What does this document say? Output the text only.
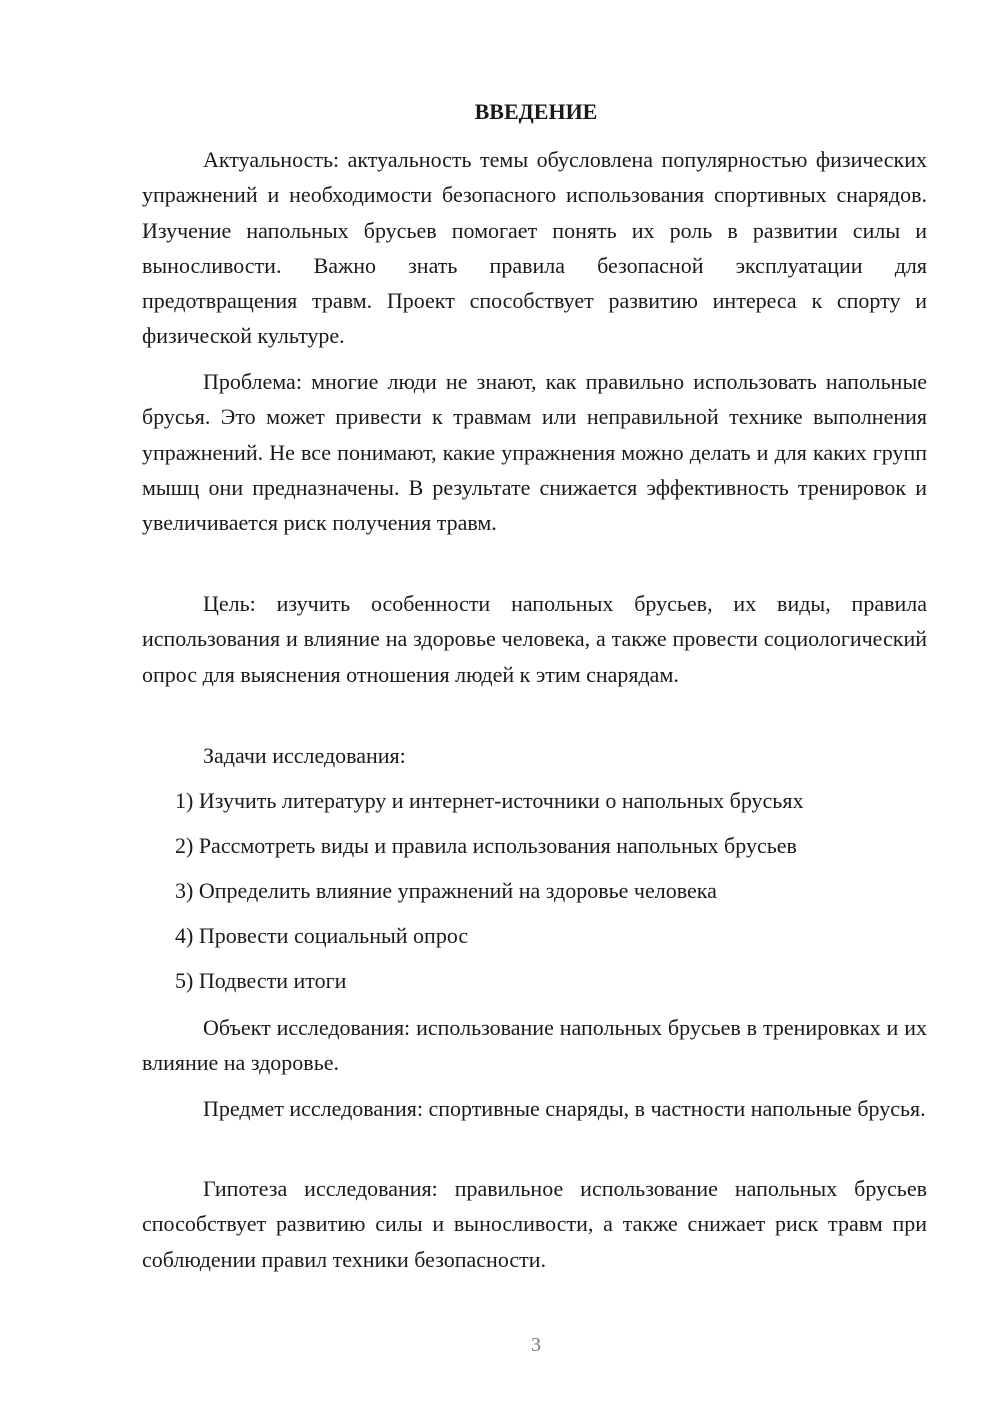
ВВЕДЕНИЕ

Актуальность: актуальность темы обусловлена популярностью физических упражнений и необходимости безопасного использования спортивных снарядов. Изучение напольных брусьев помогает понять их роль в развитии силы и выносливости. Важно знать правила безопасной эксплуатации для предотвращения травм. Проект способствует развитию интереса к спорту и физической культуре.

Проблема: многие люди не знают, как правильно использовать напольные брусья. Это может привести к травмам или неправильной технике выполнения упражнений. Не все понимают, какие упражнения можно делать и для каких групп мышц они предназначены. В результате снижается эффективность тренировок и увеличивается риск получения травм.

Цель: изучить особенности напольных брусьев, их виды, правила использования и влияние на здоровье человека, а также провести социологический опрос для выяснения отношения людей к этим снарядам.

Задачи исследования:

1) Изучить литературу и интернет-источники о напольных брусьях

2) Рассмотреть виды и правила использования напольных брусьев

3) Определить влияние упражнений на здоровье человека

4) Провести социальный опрос

5) Подвести итоги

Объект исследования: использование напольных брусьев в тренировках и их влияние на здоровье.

Предмет исследования: спортивные снаряды, в частности напольные брусья.

Гипотеза исследования: правильное использование напольных брусьев способствует развитию силы и выносливости, а также снижает риск травм при соблюдении правил техники безопасности.

3
